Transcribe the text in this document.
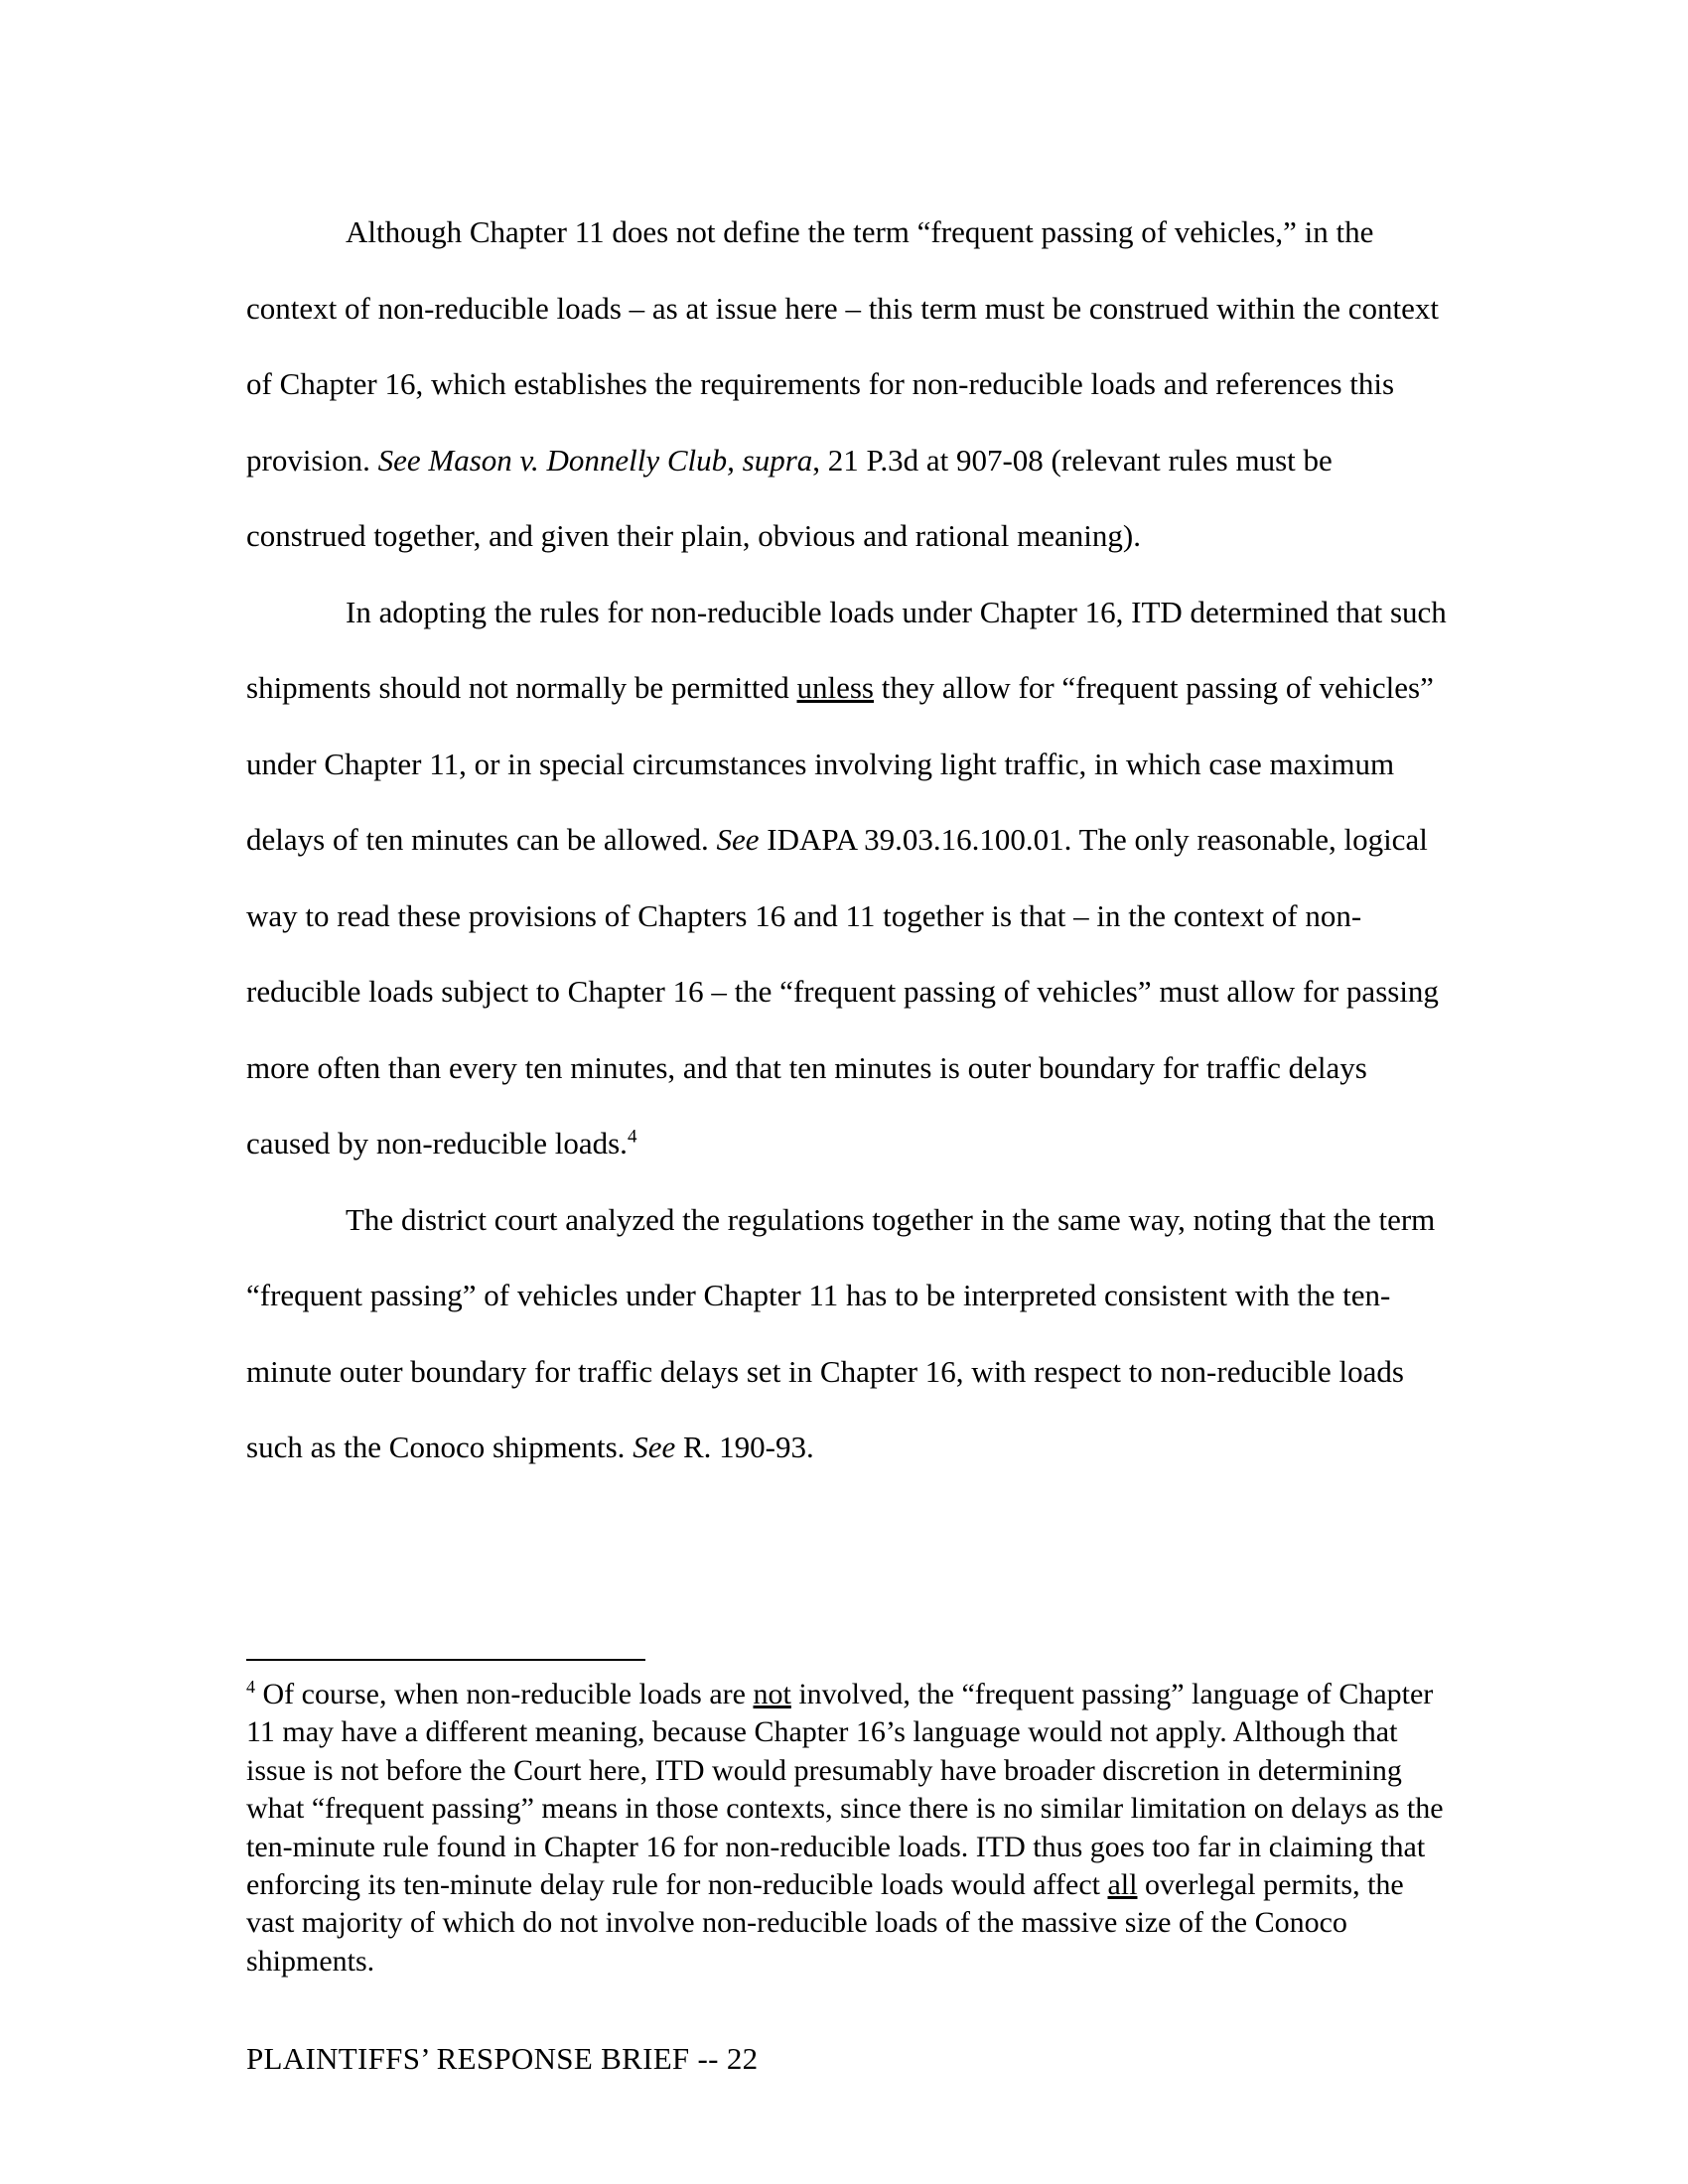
Although Chapter 11 does not define the term “frequent passing of vehicles,” in the context of non-reducible loads – as at issue here – this term must be construed within the context of Chapter 16, which establishes the requirements for non-reducible loads and references this provision. See Mason v. Donnelly Club, supra, 21 P.3d at 907-08 (relevant rules must be construed together, and given their plain, obvious and rational meaning).

In adopting the rules for non-reducible loads under Chapter 16, ITD determined that such shipments should not normally be permitted unless they allow for “frequent passing of vehicles” under Chapter 11, or in special circumstances involving light traffic, in which case maximum delays of ten minutes can be allowed. See IDAPA 39.03.16.100.01. The only reasonable, logical way to read these provisions of Chapters 16 and 11 together is that – in the context of non-reducible loads subject to Chapter 16 – the “frequent passing of vehicles” must allow for passing more often than every ten minutes, and that ten minutes is outer boundary for traffic delays caused by non-reducible loads.$^4$

The district court analyzed the regulations together in the same way, noting that the term “frequent passing” of vehicles under Chapter 11 has to be interpreted consistent with the ten-minute outer boundary for traffic delays set in Chapter 16, with respect to non-reducible loads such as the Conoco shipments. See R. 190-93.

$^4$ Of course, when non-reducible loads are not involved, the “frequent passing” language of Chapter 11 may have a different meaning, because Chapter 16’s language would not apply. Although that issue is not before the Court here, ITD would presumably have broader discretion in determining what “frequent passing” means in those contexts, since there is no similar limitation on delays as the ten-minute rule found in Chapter 16 for non-reducible loads. ITD thus goes too far in claiming that enforcing its ten-minute delay rule for non-reducible loads would affect all overlegal permits, the vast majority of which do not involve non-reducible loads of the massive size of the Conoco shipments.

PLAINTIFFS’ RESPONSE BRIEF -- 22
